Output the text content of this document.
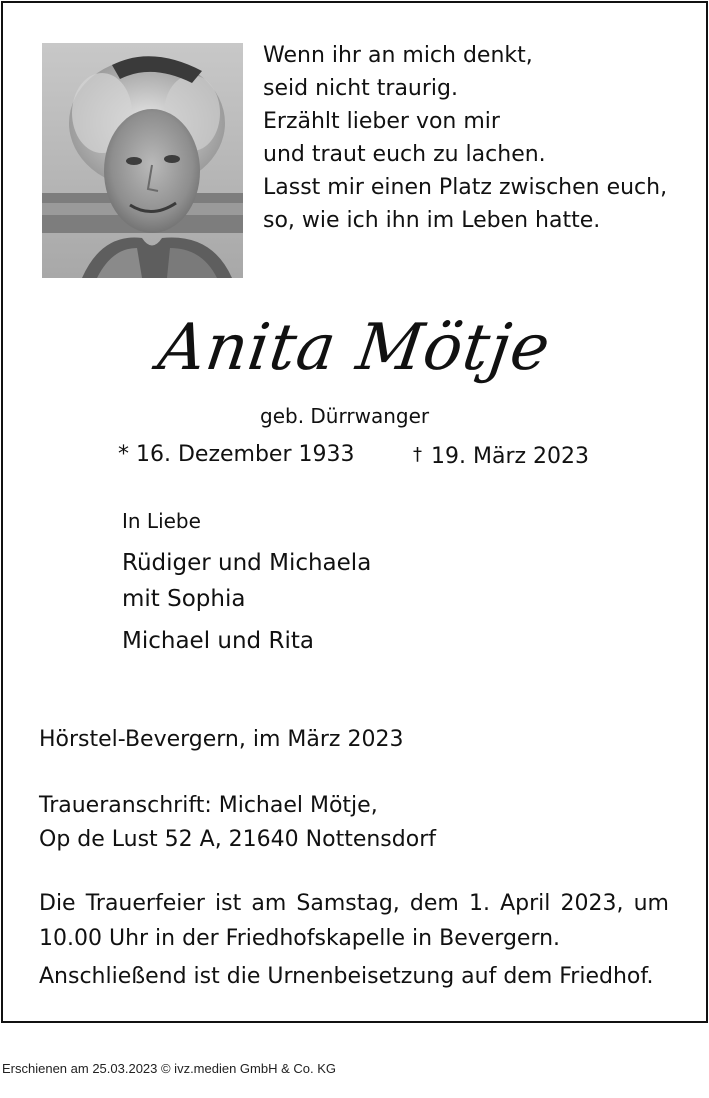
Wenn ihr an mich denkt,
seid nicht traurig.
Erzählt lieber von mir
und traut euch zu lachen.
Lasst mir einen Platz zwischen euch,
so, wie ich ihn im Leben hatte.
Anita Mötje
geb. Dürrwanger
* 16. Dezember 1933	† 19. März 2023
In Liebe
Rüdiger und Michaela
mit Sophia
Michael und Rita
Hörstel-Bevergern, im März 2023
Traueranschrift: Michael Mötje,
Op de Lust 52 A, 21640 Nottensdorf
Die Trauerfeier ist am Samstag, dem 1. April 2023, um
10.00 Uhr in der Friedhofskapelle in Bevergern.
Anschließend ist die Urnenbeisetzung auf dem Friedhof.
Erschienen am 25.03.2023 © ivz.medien GmbH & Co. KG
